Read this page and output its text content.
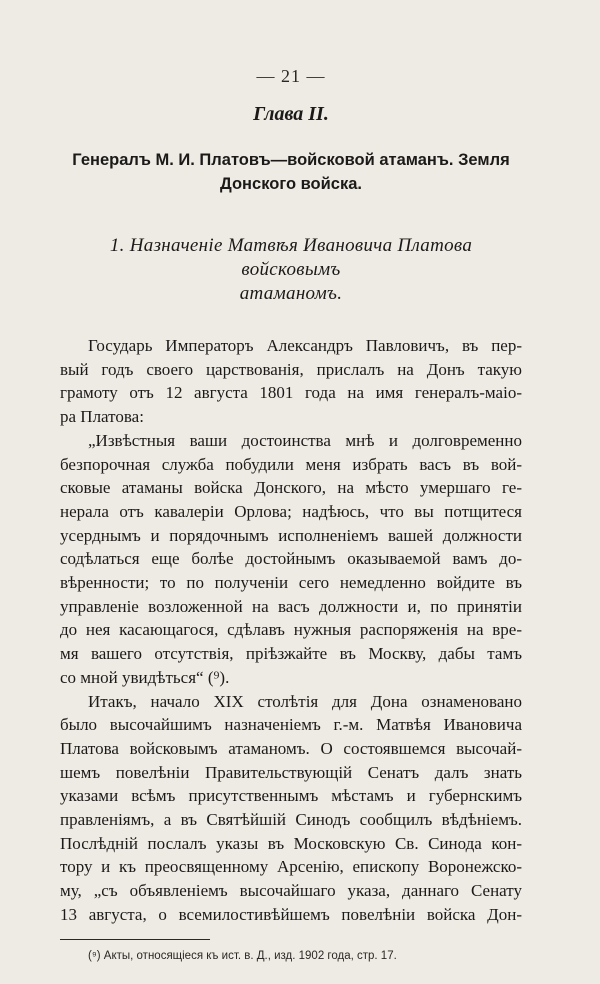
— 21 —
Глава II.
Генералъ М. И. Платовъ—войсковой атаманъ. Земля
Донского войска.
1. Назначеніе Матвѣя Ивановича Платова войсковымъ
атаманомъ.

Государь Императоръ Александръ Павловичъ, въ пер-
вый годъ своего царствованія, прислалъ на Донъ такую
грамоту отъ 12 августа 1801 года на имя генералъ-маіо-
ра Платова:

„Извѣстныя ваши достоинства мнѣ и долговременно
безпорочная служба побудили меня избрать васъ въ вой-
сковые атаманы войска Донского, на мѣсто умершаго ге-
нерала отъ кавалеріи Орлова; надѣюсь, что вы потщитеся
усерднымъ и порядочнымъ исполненіемъ вашей должности
содѣлаться еще болѣе достойнымъ оказываемой вамъ до-
вѣренности; то по полученіи сего немедленно войдите въ
управленіе возложенной на васъ должности и, по принятіи
до нея касающагося, сдѣлавъ нужныя распоряженія на вре-
мя вашего отсутствія, пріѣзжайте въ Москву, дабы тамъ
со мной увидѣться“ (⁹).

Итакъ, начало XIX столѣтія для Дона ознаменовано
было высочайшимъ назначеніемъ г.-м. Матвѣя Ивановича
Платова войсковымъ атаманомъ. О состоявшемся высочай-
шемъ повелѣніи Правительствующій Сенатъ далъ знать
указами всѣмъ присутственнымъ мѣстамъ и губернскимъ
правленіямъ, а въ Святѣйшій Синодъ сообщилъ вѣдѣніемъ.
Послѣдній послалъ указы въ Московскую Св. Синода кон-
тору и къ преосвященному Арсенію, епископу Воронежско-
му, „съ объявленіемъ высочайшаго указа, даннаго Сенату
13 августа, о всемилостивѣйшемъ повелѣніи войска Дон-

(⁹) Акты, относящіеся къ ист. в. Д., изд. 1902 года, стр. 17.
